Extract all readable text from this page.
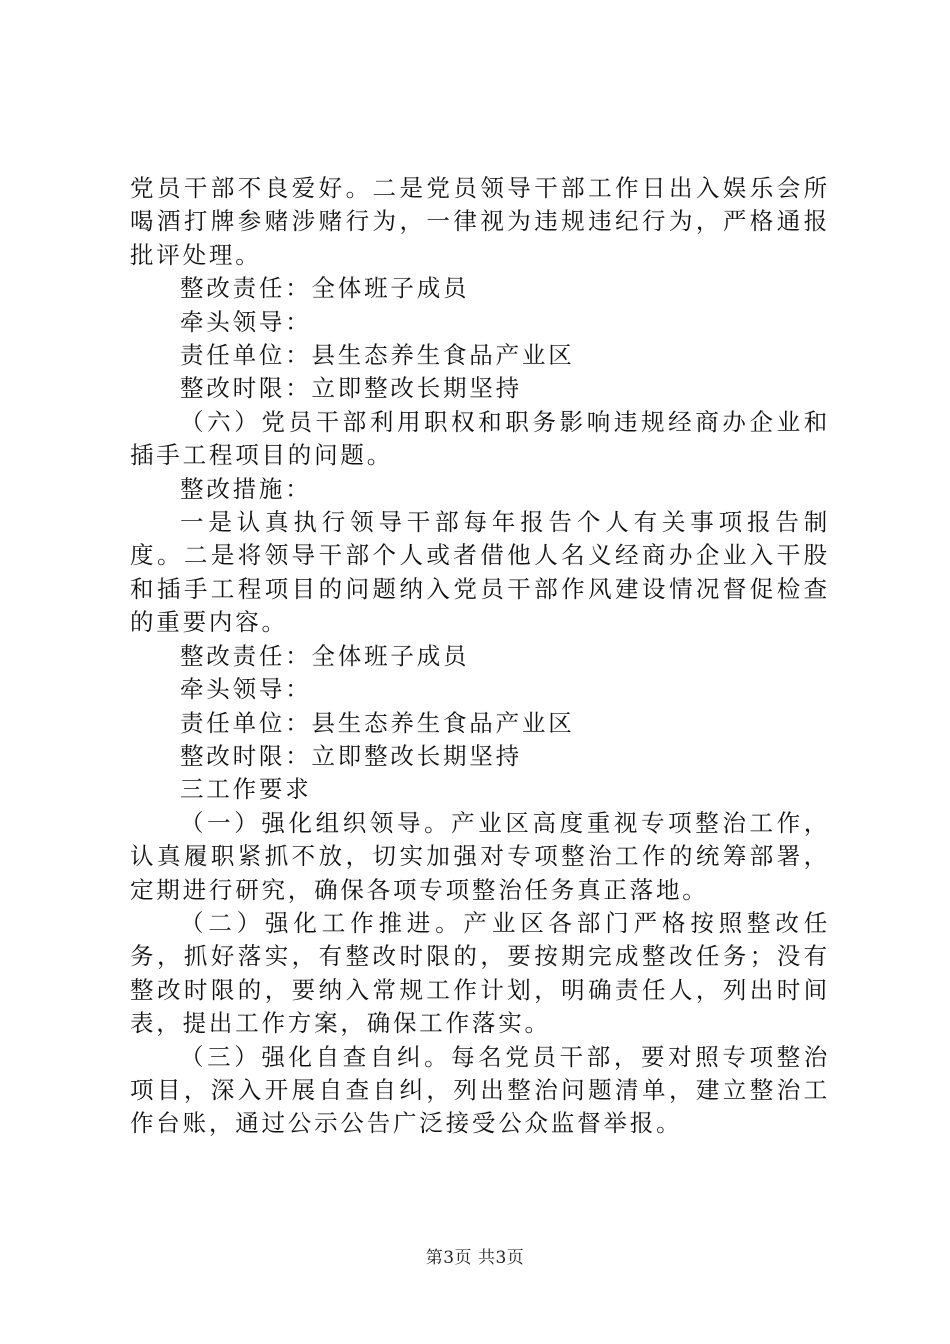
党员干部不良爱好。二是党员领导干部工作日出入娱乐会所喝酒打牌参赌涉赌行为，一律视为违规违纪行为，严格通报批评处理。

整改责任：全体班子成员

牵头领导：

责任单位：县生态养生食品产业区

整改时限：立即整改长期坚持

（六）党员干部利用职权和职务影响违规经商办企业和插手工程项目的问题。

整改措施：

一是认真执行领导干部每年报告个人有关事项报告制度。二是将领导干部个人或者借他人名义经商办企业入干股和插手工程项目的问题纳入党员干部作风建设情况督促检查的重要内容。

整改责任：全体班子成员

牵头领导：

责任单位：县生态养生食品产业区

整改时限：立即整改长期坚持

三工作要求

（一）强化组织领导。产业区高度重视专项整治工作，认真履职紧抓不放，切实加强对专项整治工作的统筹部署，定期进行研究，确保各项专项整治任务真正落地。

（二）强化工作推进。产业区各部门严格按照整改任务，抓好落实，有整改时限的，要按期完成整改任务；没有整改时限的，要纳入常规工作计划，明确责任人，列出时间表，提出工作方案，确保工作落实。

（三）强化自查自纠。每名党员干部，要对照专项整治项目，深入开展自查自纠，列出整治问题清单，建立整治工作台账，通过公示公告广泛接受公众监督举报。

第3页 共3页
